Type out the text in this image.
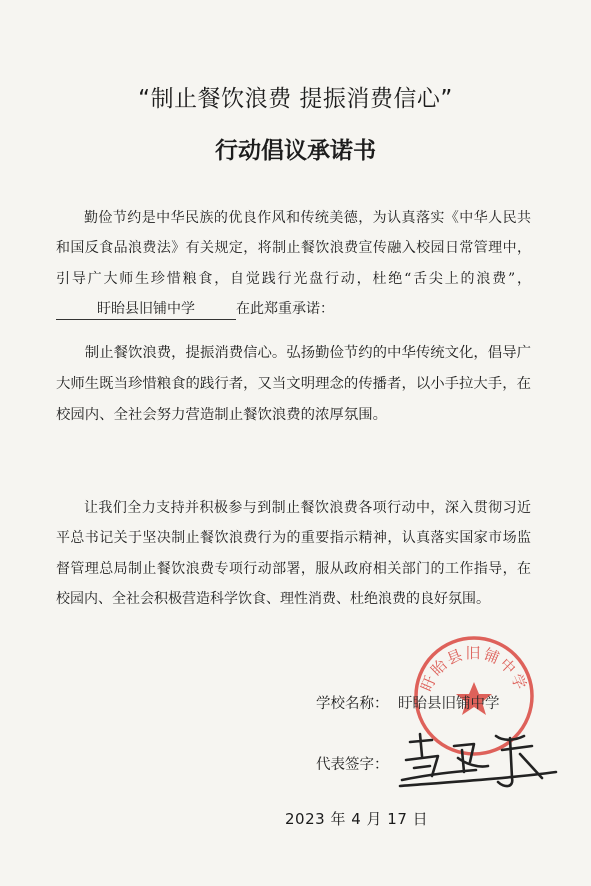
“制止餐饮浪费 提振消费信心”
行动倡议承诺书

勤俭节约是中华民族的优良作风和传统美德，为认真落实《中华人民共和国反食品浪费法》有关规定，将制止餐饮浪费宣传融入校园日常管理中，引导广大师生珍惜粮食，自觉践行光盘行动，杜绝“舌尖上的浪费”，盱眙县旧铺中学	在此郑重承诺：

制止餐饮浪费，提振消费信心。弘扬勤俭节约的中华传统文化，倡导广大师生既当珍惜粮食的践行者，又当文明理念的传播者，以小手拉大手，在校园内、全社会努力营造制止餐饮浪费的浓厚氛围。

让我们全力支持并积极参与到制止餐饮浪费各项行动中，深入贯彻习近平总书记关于坚决制止餐饮浪费行为的重要指示精神，认真落实国家市场监督管理总局制止餐饮浪费专项行动部署，服从政府相关部门的工作指导，在校园内、全社会积极营造科学饮食、理性消费、杜绝浪费的良好氛围。

盱眙县旧铺中学
学校名称： 盱眙县旧铺中学
代表签字：
2023 年 4 月 17 日
